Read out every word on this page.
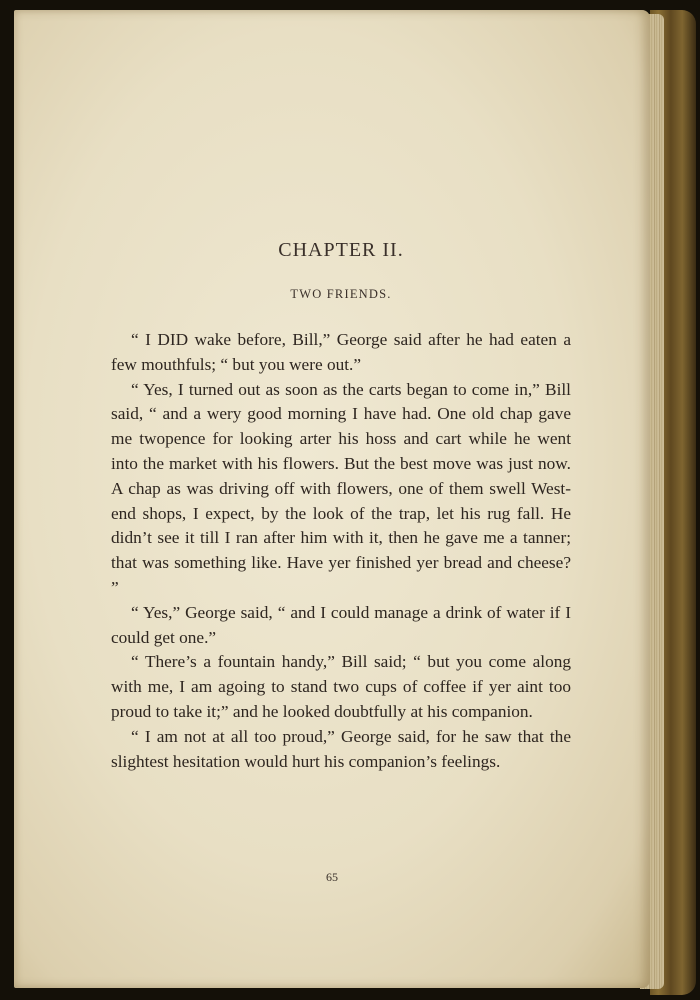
CHAPTER II.
TWO FRIENDS.

“ I DID wake before, Bill,” George said after he had eaten a few mouthfuls; “ but you were out.”

“ Yes, I turned out as soon as the carts began to come in,” Bill said, “ and a wery good morning I have had. One old chap gave me twopence for looking arter his hoss and cart while he went into the market with his flowers. But the best move was just now. A chap as was driving off with flowers, one of them swell West-end shops, I expect, by the look of the trap, let his rug fall. He didn’t see it till I ran after him with it, then he gave me a tanner; that was something like. Have yer finished yer bread and cheese? ”

“ Yes,” George said, “ and I could manage a drink of water if I could get one.”

“ There’s a fountain handy,” Bill said; “ but you come along with me, I am agoing to stand two cups of coffee if yer aint too proud to take it;” and he looked doubtfully at his companion.

“ I am not at all too proud,” George said, for he saw that the slightest hesitation would hurt his companion’s feelings.

65
